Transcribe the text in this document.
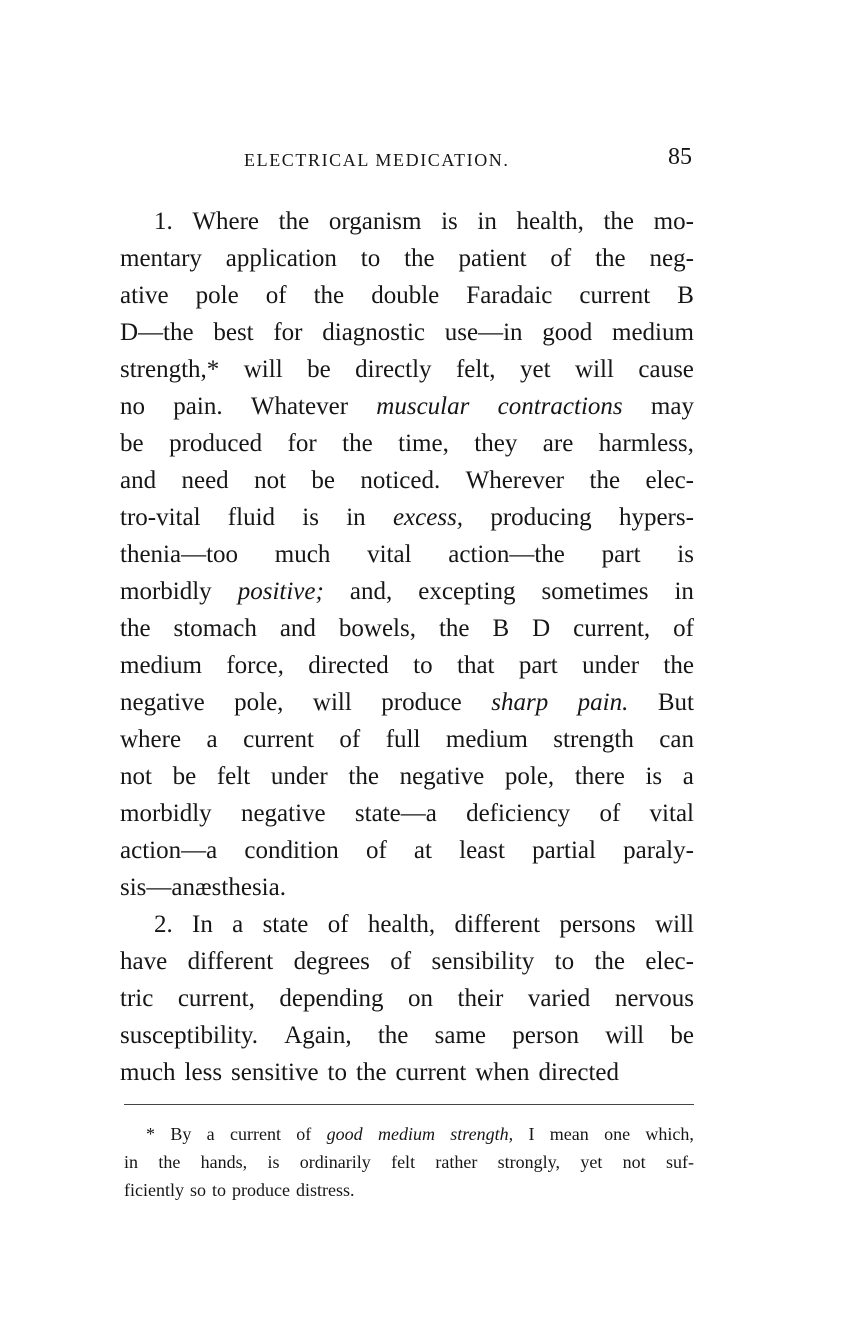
ELECTRICAL MEDICATION.	85
1. Where the organism is in health, the mo-
mentary application to the patient of the neg-
ative pole of the double Faradaic current B
D—the best for diagnostic use—in good medium
strength,* will be directly felt, yet will cause
no pain. Whatever muscular contractions may
be produced for the time, they are harmless,
and need not be noticed. Wherever the elec-
tro-vital fluid is in excess, producing hypers-
thenia—too much vital action—the part is
morbidly positive; and, excepting sometimes in
the stomach and bowels, the B D current, of
medium force, directed to that part under the
negative pole, will produce sharp pain. But
where a current of full medium strength can
not be felt under the negative pole, there is a
morbidly negative state—a deficiency of vital
action—a condition of at least partial paraly-
sis—anæsthesia.
2. In a state of health, different persons will
have different degrees of sensibility to the elec-
tric current, depending on their varied nervous
susceptibility. Again, the same person will be
much less sensitive to the current when directed
* By a current of good medium strength, I mean one which,
in the hands, is ordinarily felt rather strongly, yet not suf-
ficiently so to produce distress.
